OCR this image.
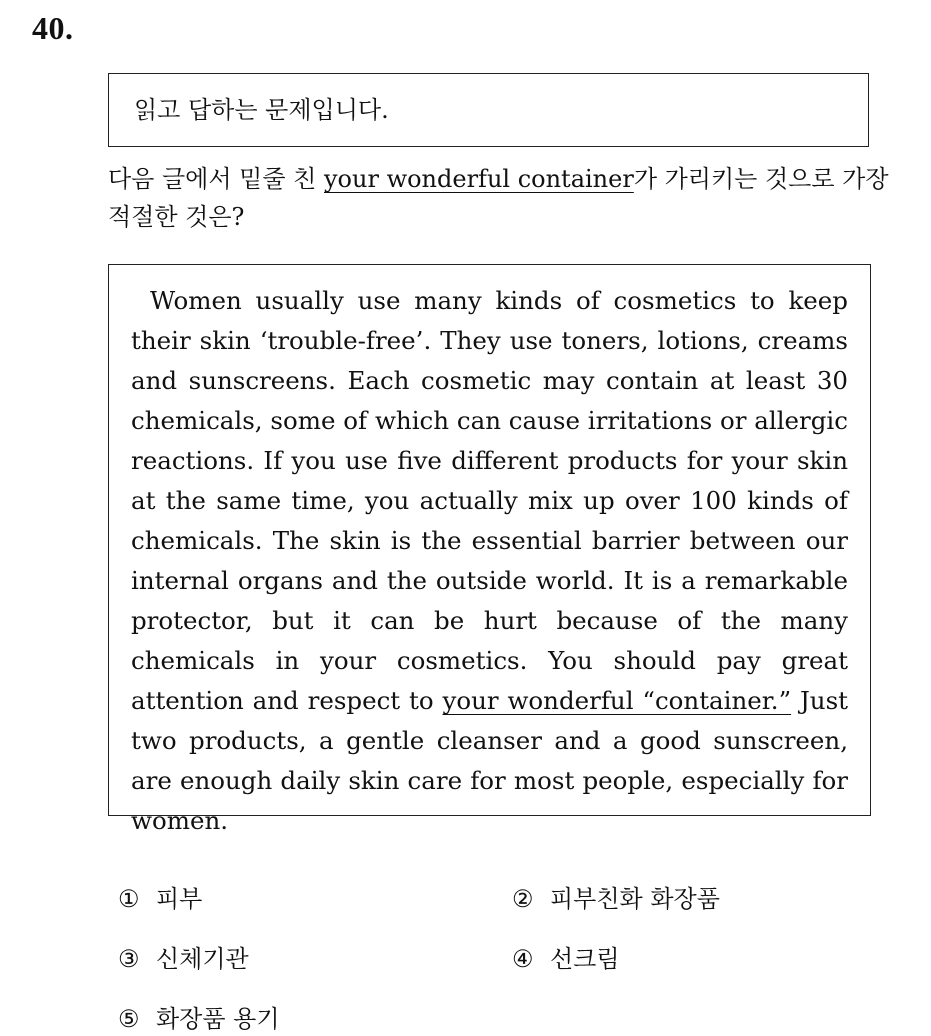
40.
읽고 답하는 문제입니다.
다음 글에서 밑줄 친 your wonderful container가 가리키는 것으로 가장 적절한 것은?

Women usually use many kinds of cosmetics to keep their skin ‘trouble-free’. They use toners, lotions, creams and sunscreens. Each cosmetic may contain at least 30 chemicals, some of which can cause irritations or allergic reactions. If you use five different products for your skin at the same time, you actually mix up over 100 kinds of chemicals. The skin is the essential barrier between our internal organs and the outside world. It is a remarkable protector, but it can be hurt because of the many chemicals in your cosmetics. You should pay great attention and respect to your wonderful “container.” Just two products, a gentle cleanser and a good sunscreen, are enough daily skin care for most people, especially for women.

① 피부	② 피부친화 화장품
③ 신체기관	④ 선크림
⑤ 화장품 용기
